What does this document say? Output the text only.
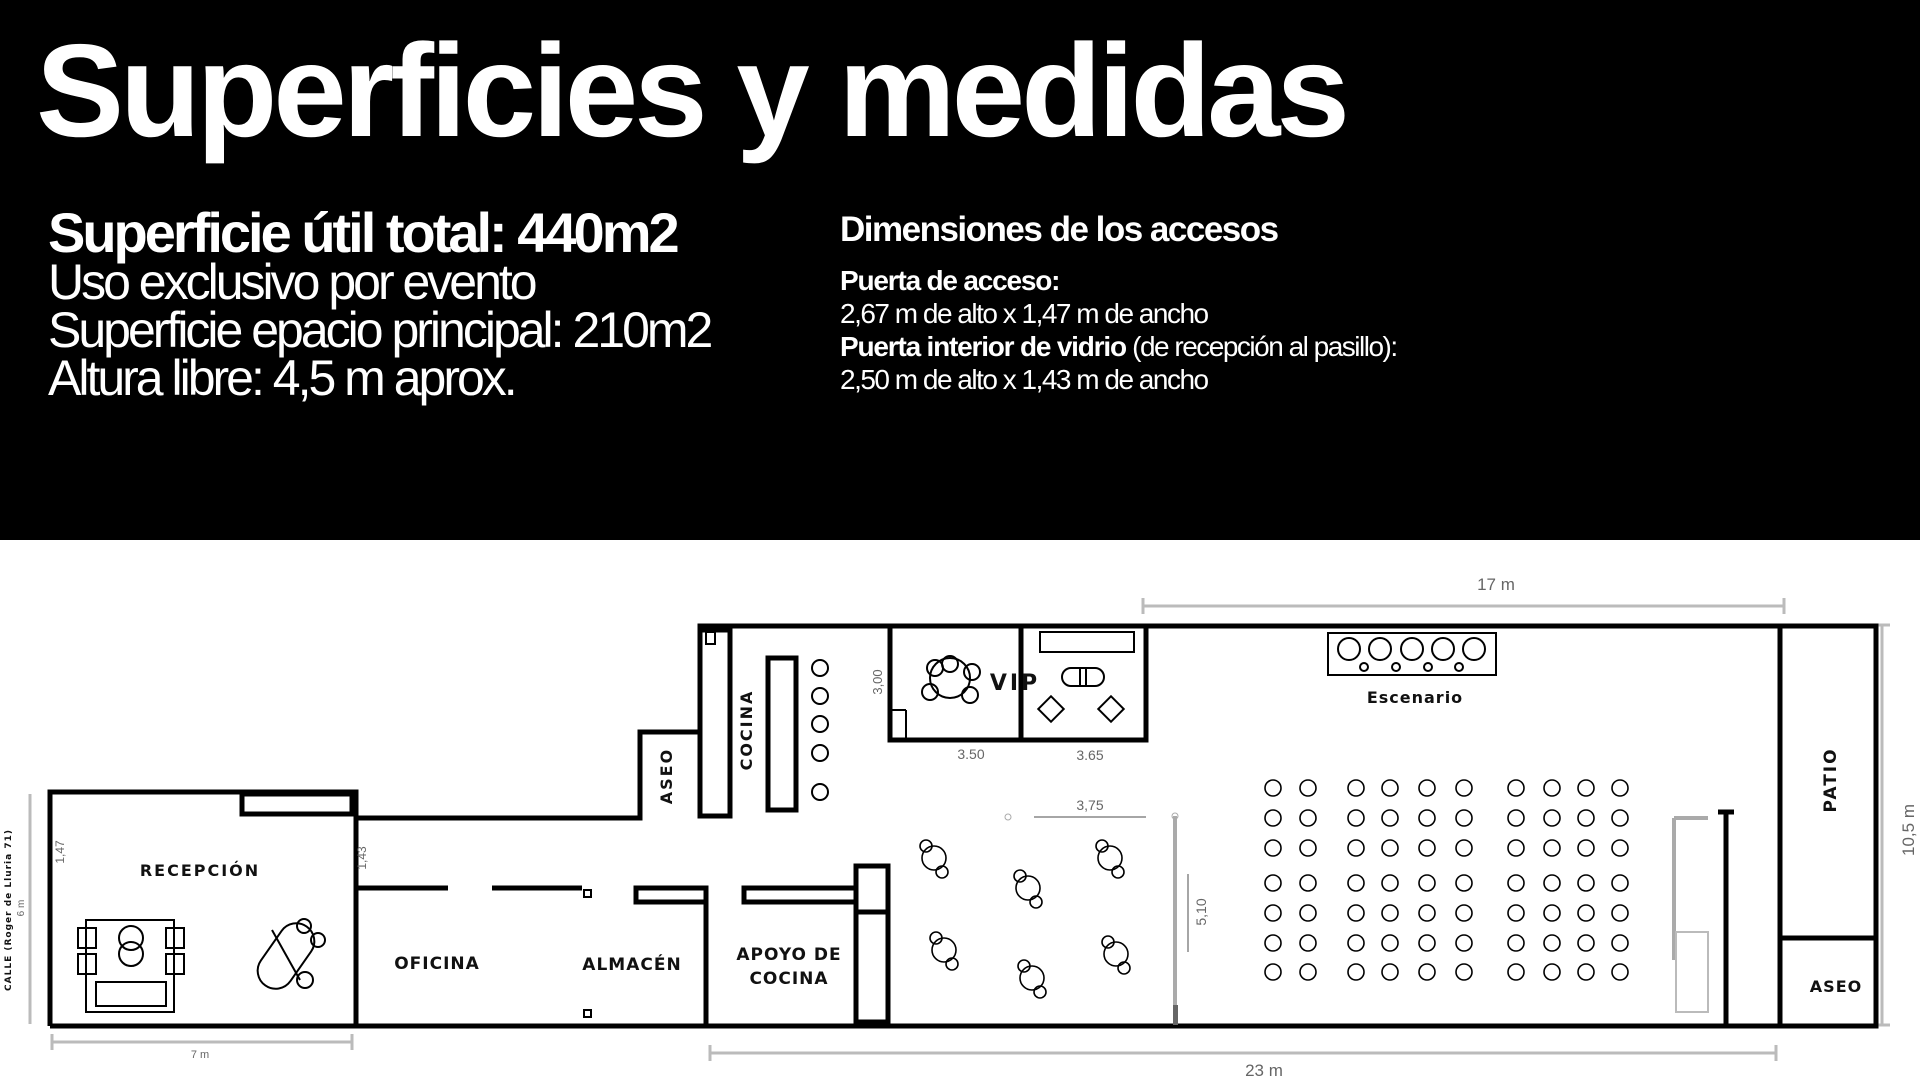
Superficies y medidas
Superficie útil total: 440m2
Uso exclusivo por evento
Superficie epacio principal: 210m2
Altura libre: 4,5 m aprox.
Dimensiones de los accesos
Puerta de acceso:
2,67 m de alto x 1,47 m de ancho
Puerta interior de vidrio (de recepción al pasillo):
2,50 m de alto x 1,43 m de ancho
RECEPCIÓN
OFICINA	ALMACÉN	APOYO DE
COCINA
ASEO
COCINA
VIP
Escenario
PATIO
ASEO
CALLE (Roger de Lluria 71)
17 m
23 m
7 m
6 m
10,5 m
1,47	1,43
3,00
3.50	3.65
3,75
5,10
